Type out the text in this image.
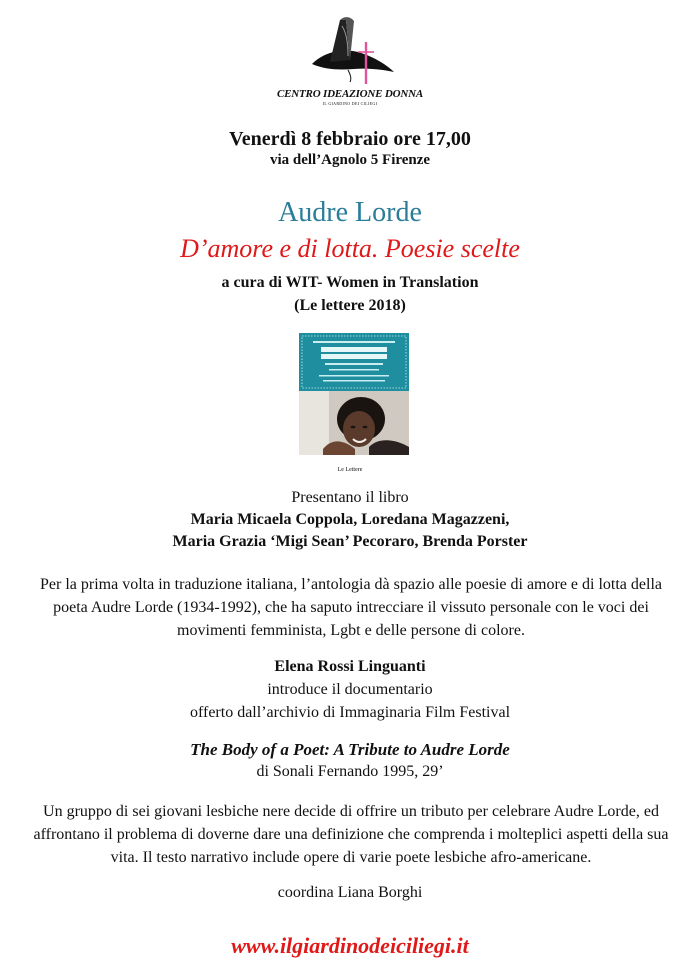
CENTRO IDEAZIONE DONNA
IL GIARDINO DEI CILIEGI
Venerdì 8 febbraio ore 17,00
via dell’Agnolo 5 Firenze
Audre Lorde
D’amore e di lotta. Poesie scelte
a cura di WIT- Women in Translation
(Le lettere 2018)
Le Lettere
Presentano il libro
Maria Micaela Coppola, Loredana Magazzeni,
Maria Grazia ‘Migi Sean’ Pecoraro, Brenda Porster
Per la prima volta in traduzione italiana, l’antologia dà spazio alle poesie di amore e di lotta della poeta Audre Lorde (1934-1992), che ha saputo intrecciare il vissuto personale con le voci dei movimenti femminista, Lgbt e delle persone di colore.
Elena Rossi Linguanti
introduce il documentario
offerto dall’archivio di Immaginaria Film Festival
The Body of a Poet: A Tribute to Audre Lorde
di Sonali Fernando 1995, 29’
Un gruppo di sei giovani lesbiche nere decide di offrire un tributo per celebrare Audre Lorde, ed affrontano il problema di doverne dare una definizione che comprenda i molteplici aspetti della sua vita. Il testo narrativo include opere di varie poete lesbiche afro-americane.
coordina Liana Borghi
www.ilgiardinodeiciliegi.it
